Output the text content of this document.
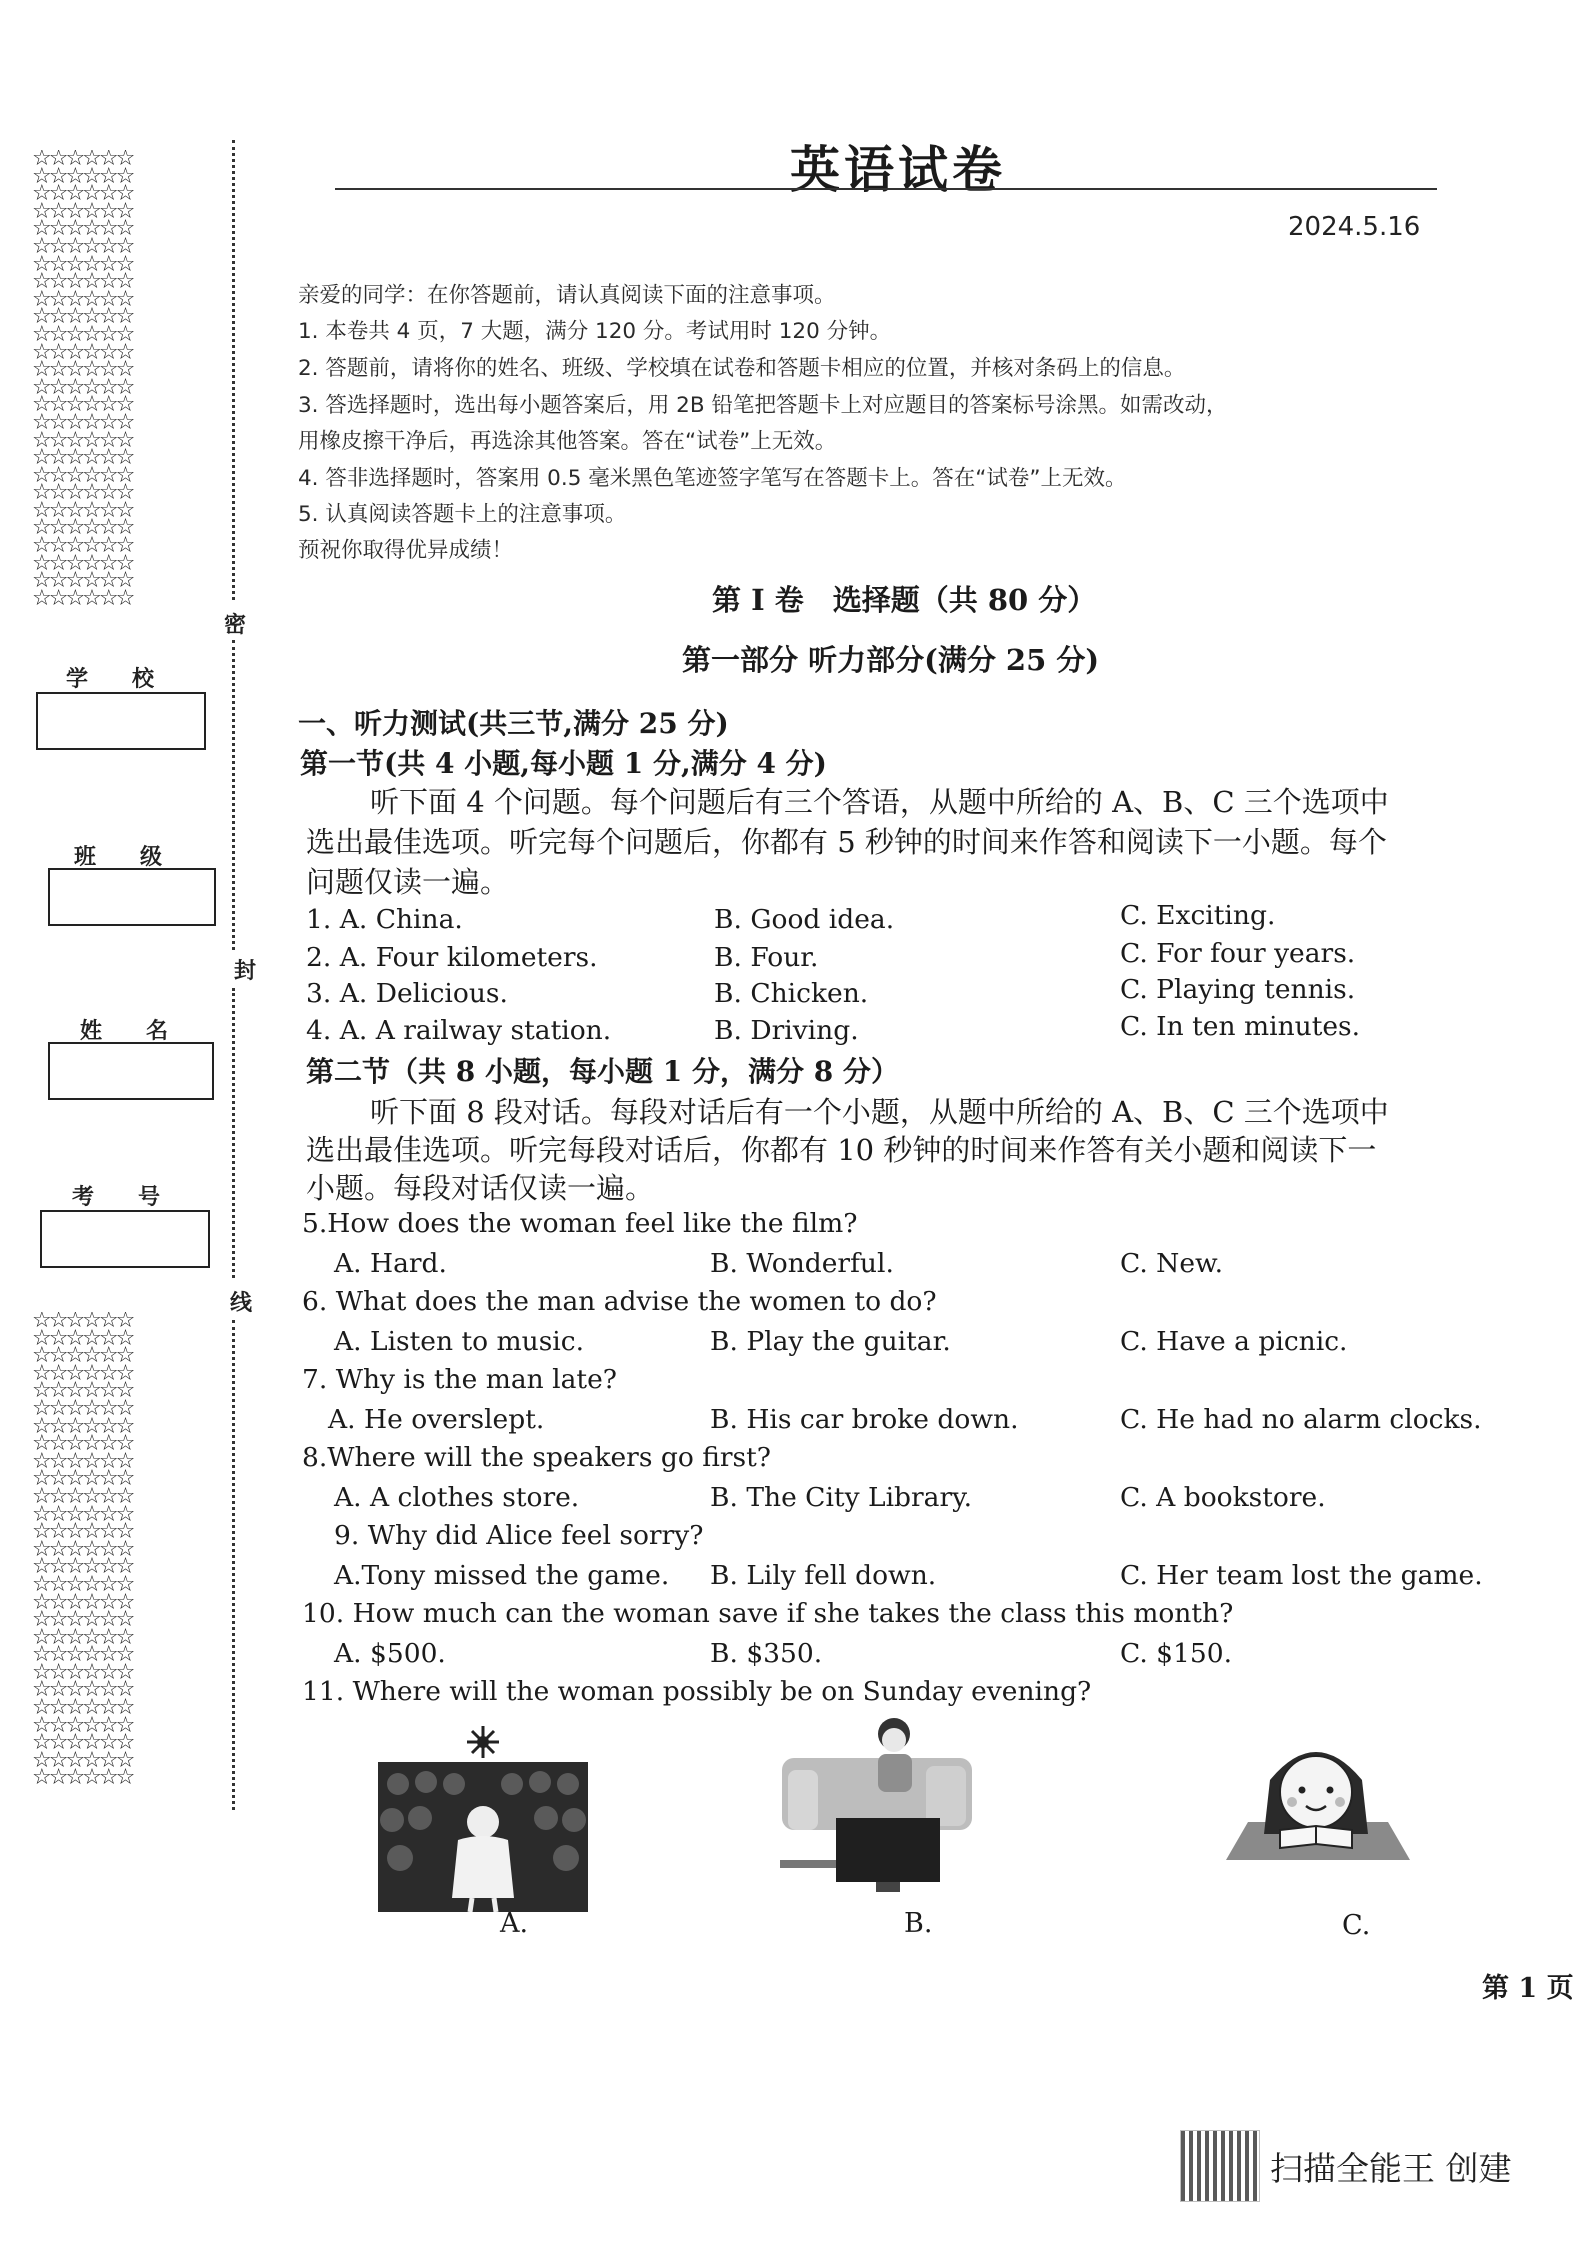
☆☆☆☆☆☆
☆☆☆☆☆☆
☆☆☆☆☆☆
☆☆☆☆☆☆
☆☆☆☆☆☆
☆☆☆☆☆☆
☆☆☆☆☆☆
☆☆☆☆☆☆
☆☆☆☆☆☆
☆☆☆☆☆☆
☆☆☆☆☆☆
☆☆☆☆☆☆
☆☆☆☆☆☆
☆☆☆☆☆☆
☆☆☆☆☆☆
☆☆☆☆☆☆
☆☆☆☆☆☆
☆☆☆☆☆☆
☆☆☆☆☆☆
☆☆☆☆☆☆
☆☆☆☆☆☆
☆☆☆☆☆☆
☆☆☆☆☆☆
☆☆☆☆☆☆
☆☆☆☆☆☆
☆☆☆☆☆☆
☆☆☆☆☆☆
☆☆☆☆☆☆
☆☆☆☆☆☆
☆☆☆☆☆☆
☆☆☆☆☆☆
☆☆☆☆☆☆
☆☆☆☆☆☆
☆☆☆☆☆☆
☆☆☆☆☆☆
☆☆☆☆☆☆
☆☆☆☆☆☆
☆☆☆☆☆☆
☆☆☆☆☆☆
☆☆☆☆☆☆
☆☆☆☆☆☆
☆☆☆☆☆☆
☆☆☆☆☆☆
☆☆☆☆☆☆
☆☆☆☆☆☆
☆☆☆☆☆☆
☆☆☆☆☆☆
☆☆☆☆☆☆
☆☆☆☆☆☆
☆☆☆☆☆☆
☆☆☆☆☆☆
☆☆☆☆☆☆
☆☆☆☆☆☆
学　　校
班　　级
姓　　名
考　　号
密
封
线
英语试卷
2024.5.16
亲爱的同学：在你答题前，请认真阅读下面的注意事项。
1. 本卷共 4 页，7 大题，满分 120 分。考试用时 120 分钟。
2. 答题前，请将你的姓名、班级、学校填在试卷和答题卡相应的位置，并核对条码上的信息。
3. 答选择题时，选出每小题答案后，用 2B 铅笔把答题卡上对应题目的答案标号涂黑。如需改动，
用橡皮擦干净后，再选涂其他答案。答在“试卷”上无效。
4. 答非选择题时，答案用 0.5 毫米黑色笔迹签字笔写在答题卡上。答在“试卷”上无效。
5. 认真阅读答题卡上的注意事项。
预祝你取得优异成绩！
第 I 卷　选择题（共 80 分）
第一部分 听力部分(满分 25 分)
一、听力测试(共三节,满分 25 分)
第一节(共 4 小题,每小题 1 分,满分 4 分)
听下面 4 个问题。每个问题后有三个答语，从题中所给的 A、B、C 三个选项中
选出最佳选项。听完每个问题后，你都有 5 秒钟的时间来作答和阅读下一小题。每个
问题仅读一遍。
1. A. China.	B. Good idea.	C. Exciting.
2. A. Four kilometers.	B. Four.	C. For four years.
3. A. Delicious.	B. Chicken.	C. Playing tennis.
4. A. A railway station.	B. Driving.	C. In ten minutes.
第二节（共 8 小题，每小题 1 分，满分 8 分）
听下面 8 段对话。每段对话后有一个小题，从题中所给的 A、B、C 三个选项中
选出最佳选项。听完每段对话后，你都有 10 秒钟的时间来作答有关小题和阅读下一
小题。每段对话仅读一遍。
5.How does the woman feel like the film?
A. Hard.	B. Wonderful.	C. New.
6. What does the man advise the women to do?
A. Listen to music.	B. Play the guitar.	C. Have a picnic.
7. Why is the man late?
A. He overslept.	B. His car broke down.	C. He had no alarm clocks.
8.Where will the speakers go first?
A. A clothes store.	B. The City Library.	C. A bookstore.
9. Why did Alice feel sorry?
A.Tony missed the game. B. Lily fell down.	C. Her team lost the game.
10. How much can the woman save if she takes the class this month?
A. $500.	B. $350.	C. $150.
11. Where will the woman possibly be on Sunday evening?
A.	B.	C.
第 1 页
扫描全能王 创建
